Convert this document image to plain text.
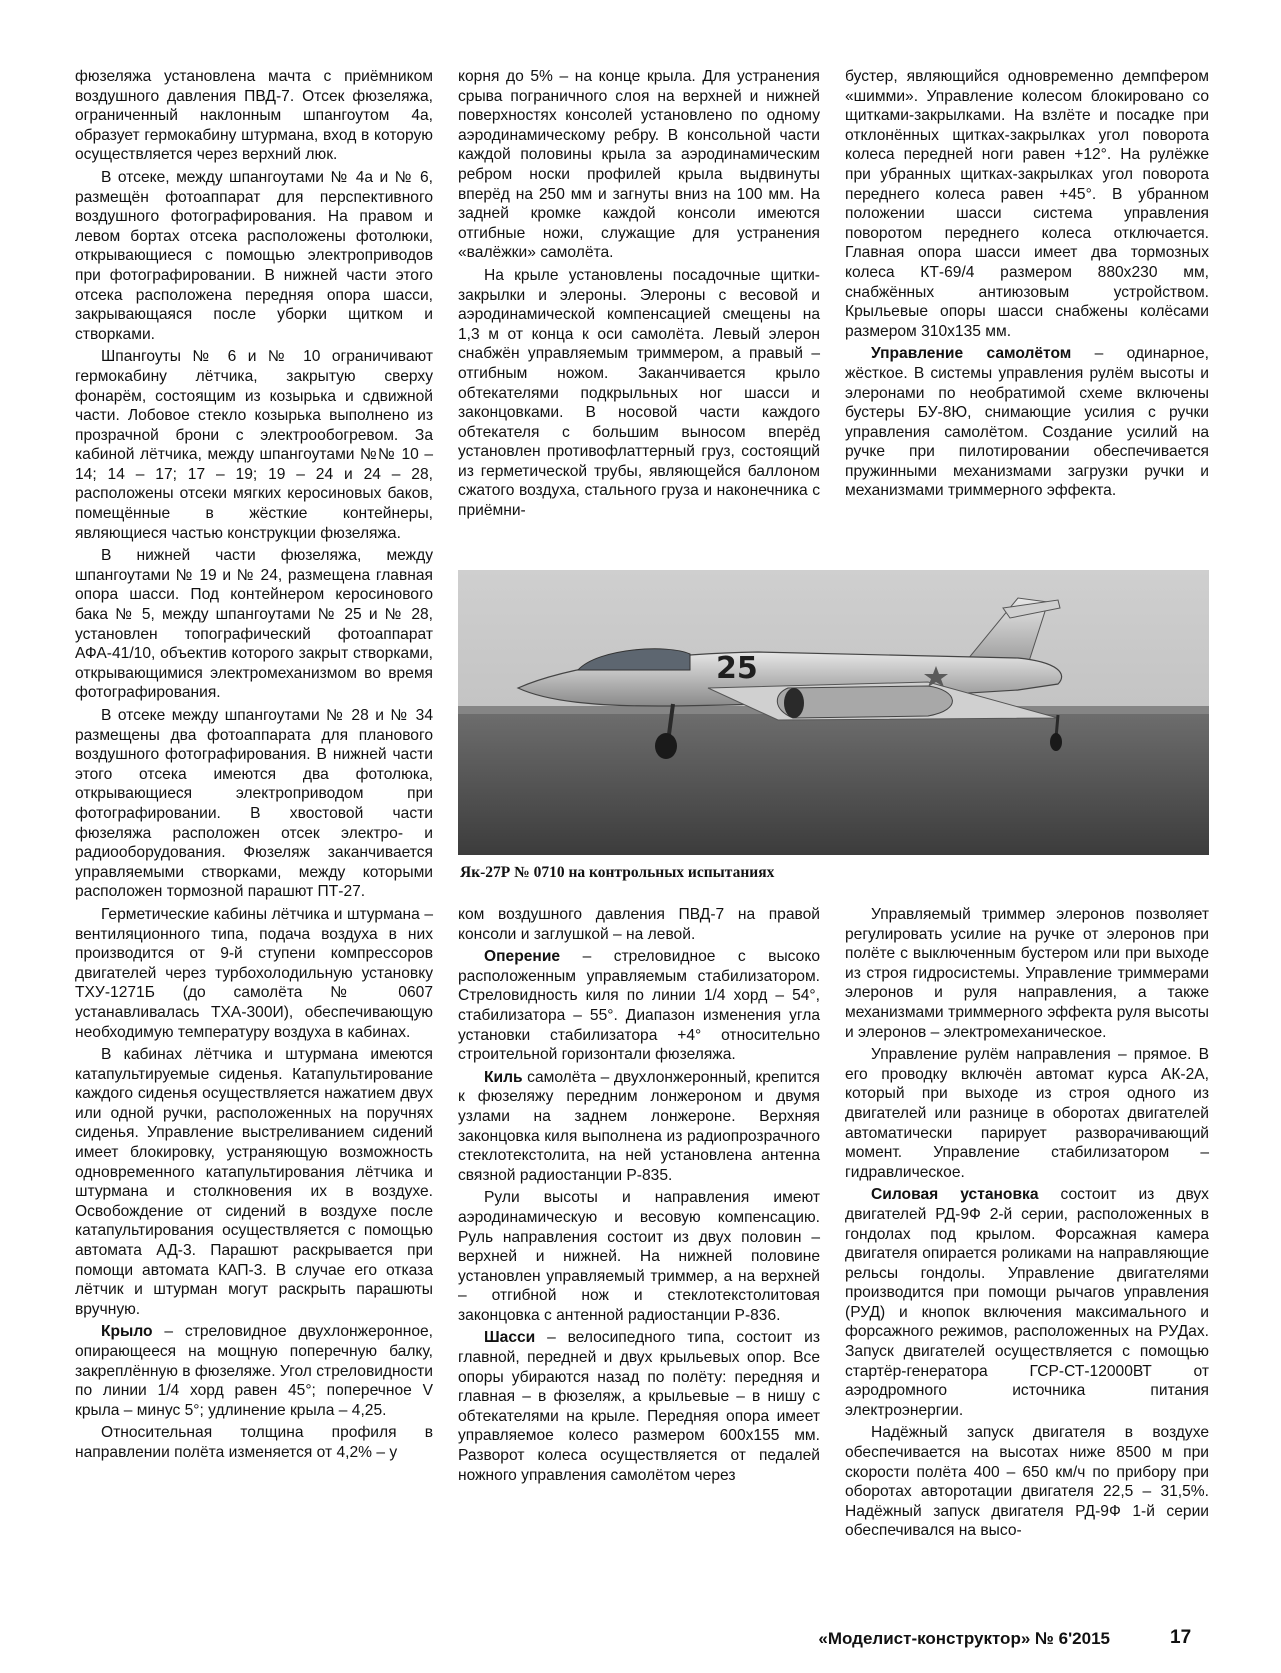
фюзеляжа установлена мачта с приёмником воздушного давления ПВД-7. Отсек фюзеляжа, ограниченный наклонным шпангоутом 4а, образует гермокабину штурмана, вход в которую осуществляется через верхний люк.

В отсеке, между шпангоутами № 4а и № 6, размещён фотоаппарат для перспективного воздушного фотографирования. На правом и левом бортах отсека расположены фотолюки, открывающиеся с помощью электроприводов при фотографировании. В нижней части этого отсека расположена передняя опора шасси, закрывающаяся после уборки щитком и створками.

Шпангоуты № 6 и № 10 ограничивают гермокабину лётчика, закрытую сверху фонарём, состоящим из козырька и сдвижной части. Лобовое стекло козырька выполнено из прозрачной брони с электрообогревом. За кабиной лётчика, между шпангоутами №№ 10 – 14; 14 – 17; 17 – 19; 19 – 24 и 24 – 28, расположены отсеки мягких керосиновых баков, помещённые в жёсткие контейнеры, являющиеся частью конструкции фюзеляжа.

В нижней части фюзеляжа, между шпангоутами № 19 и № 24, размещена главная опора шасси. Под контейнером керосинового бака № 5, между шпангоутами № 25 и № 28, установлен топографический фотоаппарат АФА-41/10, объектив которого закрыт створками, открывающимися электромеханизмом во время фотографирования.

В отсеке между шпангоутами № 28 и № 34 размещены два фотоаппарата для планового воздушного фотографирования. В нижней части этого отсека имеются два фотолюка, открывающиеся электроприводом при фотографировании. В хвостовой части фюзеляжа расположен отсек электро- и радиооборудования. Фюзеляж заканчивается управляемыми створками, между которыми расположен тормозной парашют ПТ-27.

Герметические кабины лётчика и штурмана – вентиляционного типа, подача воздуха в них производится от 9-й ступени компрессоров двигателей через турбохолодильную установку ТХУ-1271Б (до самолёта № 0607 устанавливалась ТХА-300И), обеспечивающую необходимую температуру воздуха в кабинах.

В кабинах лётчика и штурмана имеются катапультируемые сиденья. Катапультирование каждого сиденья осуществляется нажатием двух или одной ручки, расположенных на поручнях сиденья. Управление выстреливанием сидений имеет блокировку, устраняющую возможность одновременного катапультирования лётчика и штурмана и столкновения их в воздухе. Освобождение от сидений в воздухе после катапультирования осуществляется с помощью автомата АД-3. Парашют раскрывается при помощи автомата КАП-3. В случае его отказа лётчик и штурман могут раскрыть парашюты вручную.

Крыло – стреловидное двухлонжеронное, опирающееся на мощную поперечную балку, закреплённую в фюзеляже. Угол стреловидности по линии 1/4 хорд равен 45°; поперечное V крыла – минус 5°; удлинение крыла – 4,25.

Относительная толщина профиля в направлении полёта изменяется от 4,2% – у

корня до 5% – на конце крыла. Для устранения срыва пограничного слоя на верхней и нижней поверхностях консолей установлено по одному аэродинамическому ребру. В консольной части каждой половины крыла за аэродинамическим ребром носки профилей крыла выдвинуты вперёд на 250 мм и загнуты вниз на 100 мм. На задней кромке каждой консоли имеются отгибные ножи, служащие для устранения «валёжки» самолёта.

На крыле установлены посадочные щитки-закрылки и элероны. Элероны с весовой и аэродинамической компенсацией смещены на 1,3 м от конца к оси самолёта. Левый элерон снабжён управляемым триммером, а правый – отгибным ножом. Заканчивается крыло обтекателями подкрыльных ног шасси и законцовками. В носовой части каждого обтекателя с большим выносом вперёд установлен противофлаттерный груз, состоящий из герметической трубы, являющейся баллоном сжатого воздуха, стального груза и наконечника с приёмни-

бустер, являющийся одновременно демпфером «шимми». Управление колесом блокировано со щитками-закрылками. На взлёте и посадке при отклонённых щитках-закрылках угол поворота колеса передней ноги равен +12°. На рулёжке при убранных щитках-закрылках угол поворота переднего колеса равен +45°. В убранном положении шасси система управления поворотом переднего колеса отключается. Главная опора шасси имеет два тормозных колеса КТ-69/4 размером 880х230 мм, снабжённых антиюзовым устройством. Крыльевые опоры шасси снабжены колёсами размером 310х135 мм.

Управление самолётом – одинарное, жёсткое. В системы управления рулём высоты и элеронами по необратимой схеме включены бустеры БУ-8Ю, снимающие усилия с ручки управления самолётом. Создание усилий на ручке при пилотировании обеспечивается пружинными механизмами загрузки ручки и механизмами триммерного эффекта.

25
Як-27Р № 0710 на контрольных испытаниях

ком воздушного давления ПВД-7 на правой консоли и заглушкой – на левой.

Оперение – стреловидное с высоко расположенным управляемым стабилизатором. Стреловидность киля по линии 1/4 хорд – 54°, стабилизатора – 55°. Диапазон изменения угла установки стабилизатора +4° относительно строительной горизонтали фюзеляжа.

Киль самолёта – двухлонжеронный, крепится к фюзеляжу передним лонжероном и двумя узлами на заднем лонжероне. Верхняя законцовка киля выполнена из радиопрозрачного стеклотекстолита, на ней установлена антенна связной радиостанции Р-835.

Рули высоты и направления имеют аэродинамическую и весовую компенсацию. Руль направления состоит из двух половин – верхней и нижней. На нижней половине установлен управляемый триммер, а на верхней – отгибной нож и стеклотекстолитовая законцовка с антенной радиостанции Р-836.

Шасси – велосипедного типа, состоит из главной, передней и двух крыльевых опор. Все опоры убираются назад по полёту: передняя и главная – в фюзеляж, а крыльевые – в нишу с обтекателями на крыле. Передняя опора имеет управляемое колесо размером 600х155 мм. Разворот колеса осуществляется от педалей ножного управления самолётом через

Управляемый триммер элеронов позволяет регулировать усилие на ручке от элеронов при полёте с выключенным бустером или при выходе из строя гидросистемы. Управление триммерами элеронов и руля направления, а также механизмами триммерного эффекта руля высоты и элеронов – электромеханическое.

Управление рулём направления – прямое. В его проводку включён автомат курса АК-2А, который при выходе из строя одного из двигателей или разнице в оборотах двигателей автоматически парирует разворачивающий момент. Управление стабилизатором – гидравлическое.

Силовая установка состоит из двух двигателей РД-9Ф 2-й серии, расположенных в гондолах под крылом. Форсажная камера двигателя опирается роликами на направляющие рельсы гондолы. Управление двигателями производится при помощи рычагов управления (РУД) и кнопок включения максимального и форсажного режимов, расположенных на РУДах. Запуск двигателей осуществляется с помощью стартёр-генератора ГСР-СТ-12000ВТ от аэродромного источника питания электроэнергии.

Надёжный запуск двигателя в воздухе обеспечивается на высотах ниже 8500 м при скорости полёта 400 – 650 км/ч по прибору при оборотах авторотации двигателя 22,5 – 31,5%. Надёжный запуск двигателя РД-9Ф 1-й серии обеспечивался на высо-

«Моделист-конструктор» № 6'2015	17
